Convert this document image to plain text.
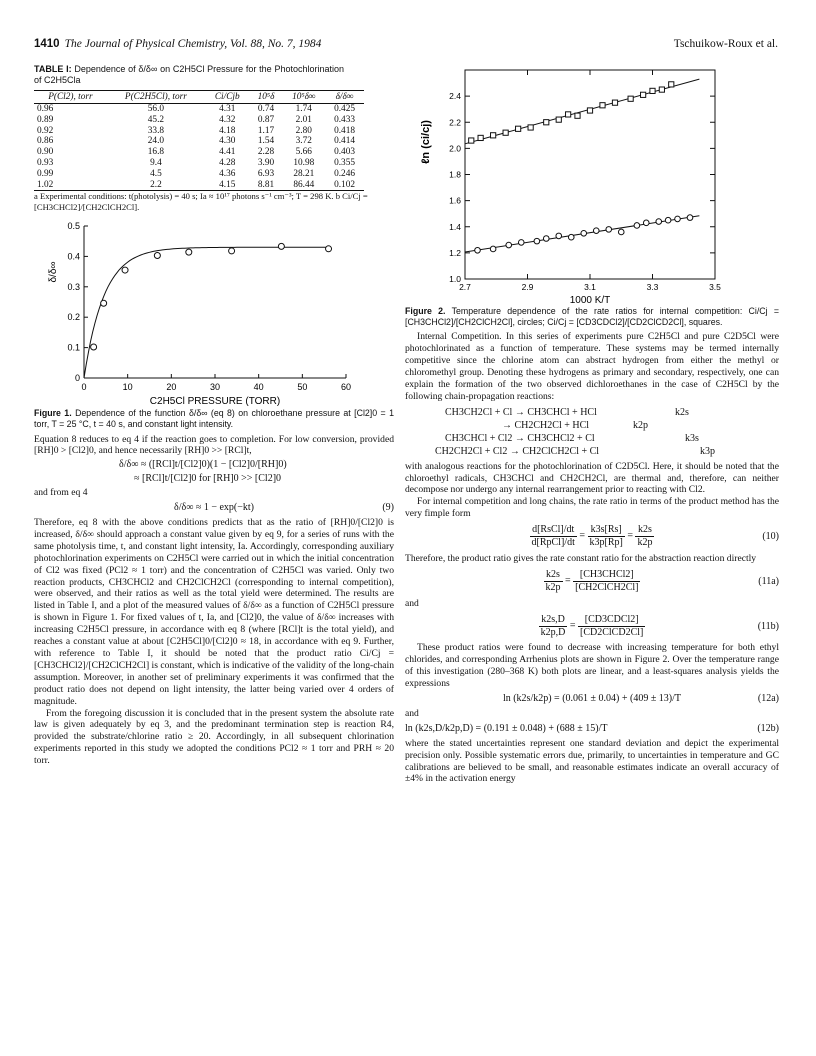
1410 The Journal of Physical Chemistry, Vol. 88, No. 7, 1984	Tschuikow-Roux et al.
TABLE I: Dependence of δ/δ∞ on C2H5Cl Pressure for the Photochlorination of C2H5Cla
P(Cl2), torr	P(C2H5Cl), torr	Ci/Cjb	10⁵δ	10⁵δ∞	δ/δ∞
0.96	56.0	4.31	0.74	1.74	0.425
0.89	45.2	4.32	0.87	2.01	0.433
0.92	33.8	4.18	1.17	2.80	0.418
0.86	24.0	4.30	1.54	3.72	0.414
0.90	16.8	4.41	2.28	5.66	0.403
0.93	9.4	4.28	3.90	10.98	0.355
0.99	4.5	4.36	6.93	28.21	0.246
1.02	2.2	4.15	8.81	86.44	0.102
a Experimental conditions: t(photolysis) = 40 s; Ia ≈ 10¹⁷ photons s⁻¹ cm⁻³; T = 298 K. b Ci/Cj = [CH3CHCl2]/[CH2ClCH2Cl].
0	10	20	30	40	50	60
0
0.1
0.2
0.3
0.4
0.5
C2H5Cl PRESSURE (TORR)
δ/δ∞
Figure 1. Dependence of the function δ/δ∞ (eq 8) on chloroethane pressure at [Cl2]0 = 1 torr, T = 25 °C, t = 40 s, and constant light intensity.

Equation 8 reduces to eq 4 if the reaction goes to completion. For low conversion, provided [RH]0 > [Cl2]0, and hence necessarily [RH]0 >> [RCl]t,

δ/δ∞ ≈ ([RCl]t/[Cl2]0)(1 − [Cl2]0/[RH]0)
≈ [RCl]t/[Cl2]0 for [RH]0 >> [Cl2]0

and from eq 4

δ/δ∞ ≈ 1 − exp(−kt)	(9)

Therefore, eq 8 with the above conditions predicts that as the ratio of [RH]0/[Cl2]0 is increased, δ/δ∞ should approach a constant value given by eq 9, for a series of runs with the same photolysis time, t, and constant light intensity, Ia. Accordingly, corresponding auxiliary photochlorination experiments on C2H5Cl were carried out in which the initial concentration of Cl2 was fixed (PCl2 ≈ 1 torr) and the concentration of C2H5Cl was varied. Only two reaction products, CH3CHCl2 and CH2ClCH2Cl (corresponding to internal competition), were observed, and their ratios as well as the total yield were determined. The results are listed in Table I, and a plot of the measured values of δ/δ∞ as a function of C2H5Cl pressure is shown in Figure 1. For fixed values of t, Ia, and [Cl2]0, the value of δ/δ∞ increases with increasing C2H5Cl pressure, in accordance with eq 8 (where [RCl]t is the total yield), and reaches a constant value at about [C2H5Cl]0/[Cl2]0 ≈ 18, in accordance with eq 9. Further, with reference to Table I, it should be noted that the product ratio Ci/Cj = [CH3CHCl2]/[CH2ClCH2Cl] is constant, which is indicative of the validity of the long-chain assumption. Moreover, in another set of preliminary experiments it was confirmed that the product ratio does not depend on light intensity, the latter being varied over 4 orders of magnitude.

From the foregoing discussion it is concluded that in the present system the absolute rate law is given adequately by eq 3, and the predominant termination step is reaction R4, provided the substrate/chlorine ratio ≥ 20. Accordingly, in all subsequent chlorination experiments reported in this study we adopted the conditions PCl2 ≈ 1 torr and PRH ≈ 20 torr.

2.7	2.9	3.1	3.3	3.5
1.0
1.2
1.4
1.6
1.8
2.0
2.2
2.4
1000 K/T
ℓn (ci/cj)
Figure 2. Temperature dependence of the rate ratios for internal competition: Ci/Cj = [CH3CHCl2]/[CH2ClCH2Cl], circles; Ci/Cj = [CD3CDCl2]/[CD2ClCD2Cl], squares.

Internal Competition. In this series of experiments pure C2H5Cl and pure C2D5Cl were photochlorinated as a function of temperature. These systems may be termed internally competitive since the chlorine atom can abstract hydrogen from either the methyl or chloromethyl group. Denoting these hydrogens as primary and secondary, respectively, one can explain the formation of the two observed dichloroethanes in the case of C2H5Cl by the following chain-propagation reactions:

CH3CH2Cl + Cl → CH3CHCl + HCl	k2s
→ CH2CH2Cl + HCl	k2p
CH3CHCl + Cl2 → CH3CHCl2 + Cl	k3s
CH2CH2Cl + Cl2 → CH2ClCH2Cl + Cl	k3p

with analogous reactions for the photochlorination of C2D5Cl. Here, it should be noted that the chloroethyl radicals, CH3CHCl and CH2CH2Cl, are thermal and, therefore, can neither decompose nor undergo any internal rearrangement prior to reacting with Cl2.

For internal competition and long chains, the rate ratio in terms of the product method has the very fimple form

$\frac{\text{d[RsCl]/dt}}{\text{d[RpCl]/dt}} = \frac{k3s[Rs]}{k3p[Rp]} = \frac{k2s}{k2p}$	(10)

Therefore, the product ratio gives the rate constant ratio for the abstraction reaction directly

$\frac{k2s}{k2p} = \frac{\text{[CH3CHCl2]}}{\text{[CH2ClCH2Cl]}}$	(11a)

and

$\frac{k2s,D}{k2p,D} = \frac{\text{[CD3CDCl2]}}{\text{[CD2ClCD2Cl]}}$	(11b)

These product ratios were found to decrease with increasing temperature for both ethyl chlorides, and corresponding Arrhenius plots are shown in Figure 2. Over the temperature range of this investigation (280–368 K) both plots are linear, and a least-squares analysis yields the expressions

ln (k2s/k2p) = (0.061 ± 0.04) + (409 ± 13)/T	(12a)

and

ln (k2s,D/k2p,D) = (0.191 ± 0.048) + (688 ± 15)/T	(12b)

where the stated uncertainties represent one standard deviation and depict the experimental precision only. Possible systematic errors due, primarily, to uncertainties in temperature and GC calibrations are believed to be small, and reasonable estimates indicate an overall accuracy of ±4% in the activation energy
